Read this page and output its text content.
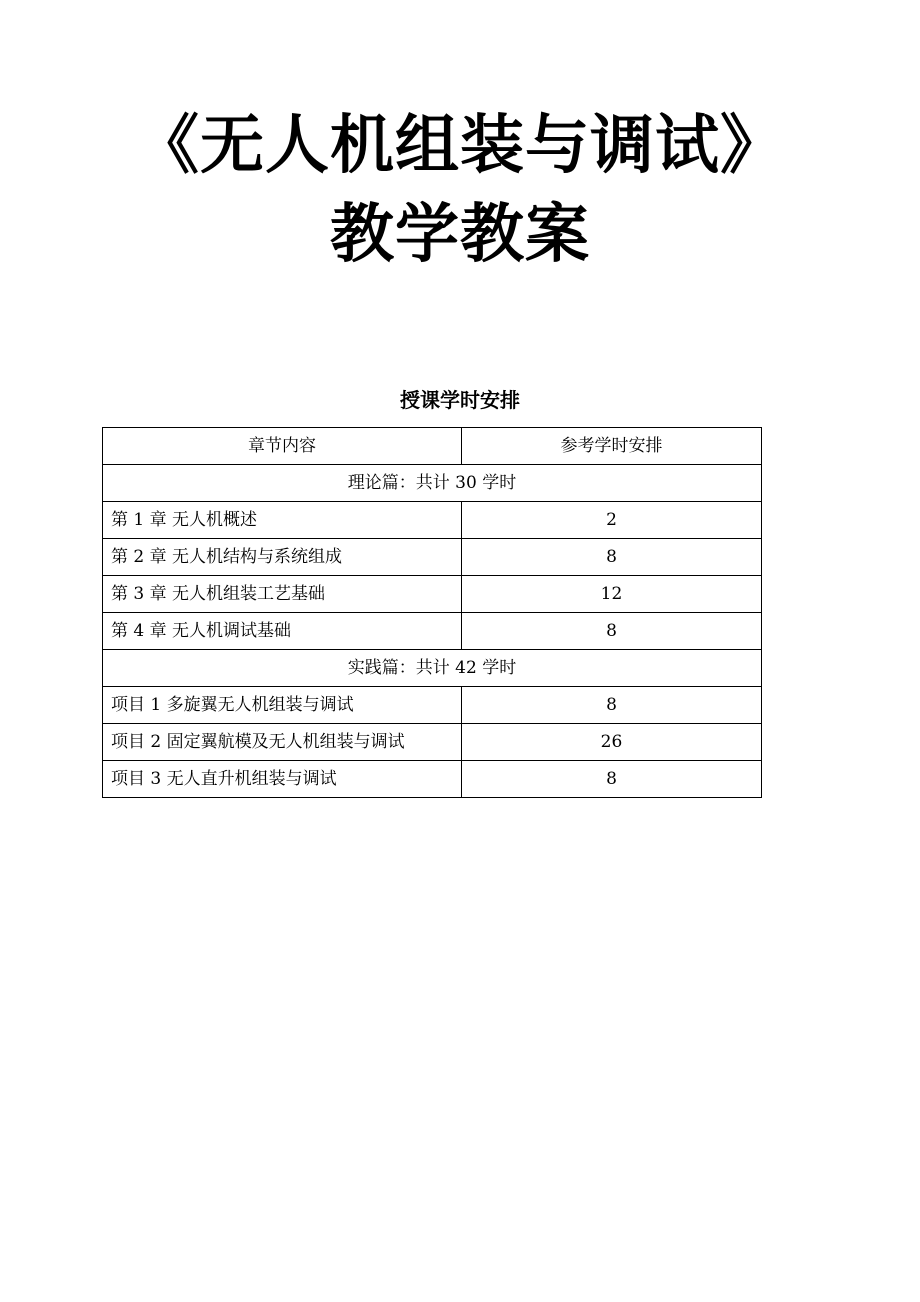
《无人机组装与调试》
教学教案
授课学时安排
章节内容	参考学时安排
理论篇：共计 30 学时	
第 1 章 无人机概述	2
第 2 章 无人机结构与系统组成	8
第 3 章 无人机组装工艺基础	12
第 4 章 无人机调试基础	8
实践篇：共计 42 学时	
项目 1 多旋翼无人机组装与调试	8
项目 2 固定翼航模及无人机组装与调试	26
项目 3 无人直升机组装与调试	8
